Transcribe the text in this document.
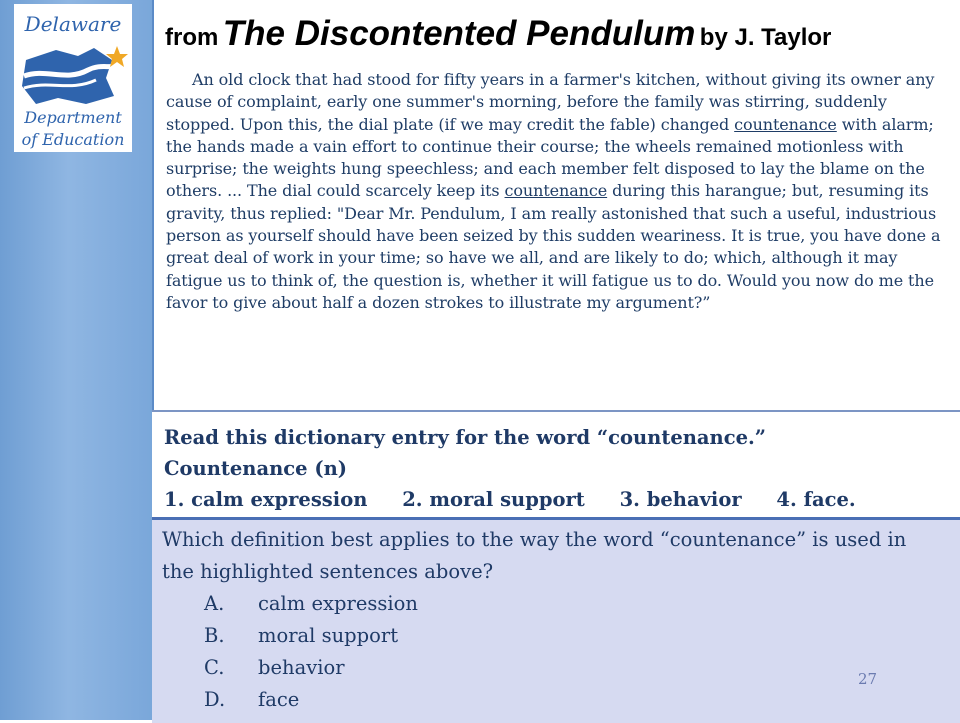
Delaware
Department
of Education
from The Discontented Pendulum by J. Taylor
An old clock that had stood for fifty years in a farmer's kitchen, without giving its owner any cause of complaint, early one summer's morning, before the family was stirring, suddenly stopped. Upon this, the dial plate (if we may credit the fable) changed countenance with alarm; the hands made a vain effort to continue their course; the wheels remained motionless with surprise; the weights hung speechless; and each member felt disposed to lay the blame on the others. ... The dial could scarcely keep its countenance during this harangue; but, resuming its gravity, thus replied: "Dear Mr. Pendulum, I am really astonished that such a useful, industrious person as yourself should have been seized by this sudden weariness. It is true, you have done a great deal of work in your time; so have we all, and are likely to do; which, although it may fatigue us to think of, the question is, whether it will fatigue us to do. Would you now do me the favor to give about half a dozen strokes to illustrate my argument?”
Read this dictionary entry for the word “countenance.”
Countenance (n)
1. calm expression 2. moral support 3. behavior 4. face.
Which definition best applies to the way the word “countenance” is used in the highlighted sentences above?
A. calm expression
B. moral support
C. behavior
D. face
27
